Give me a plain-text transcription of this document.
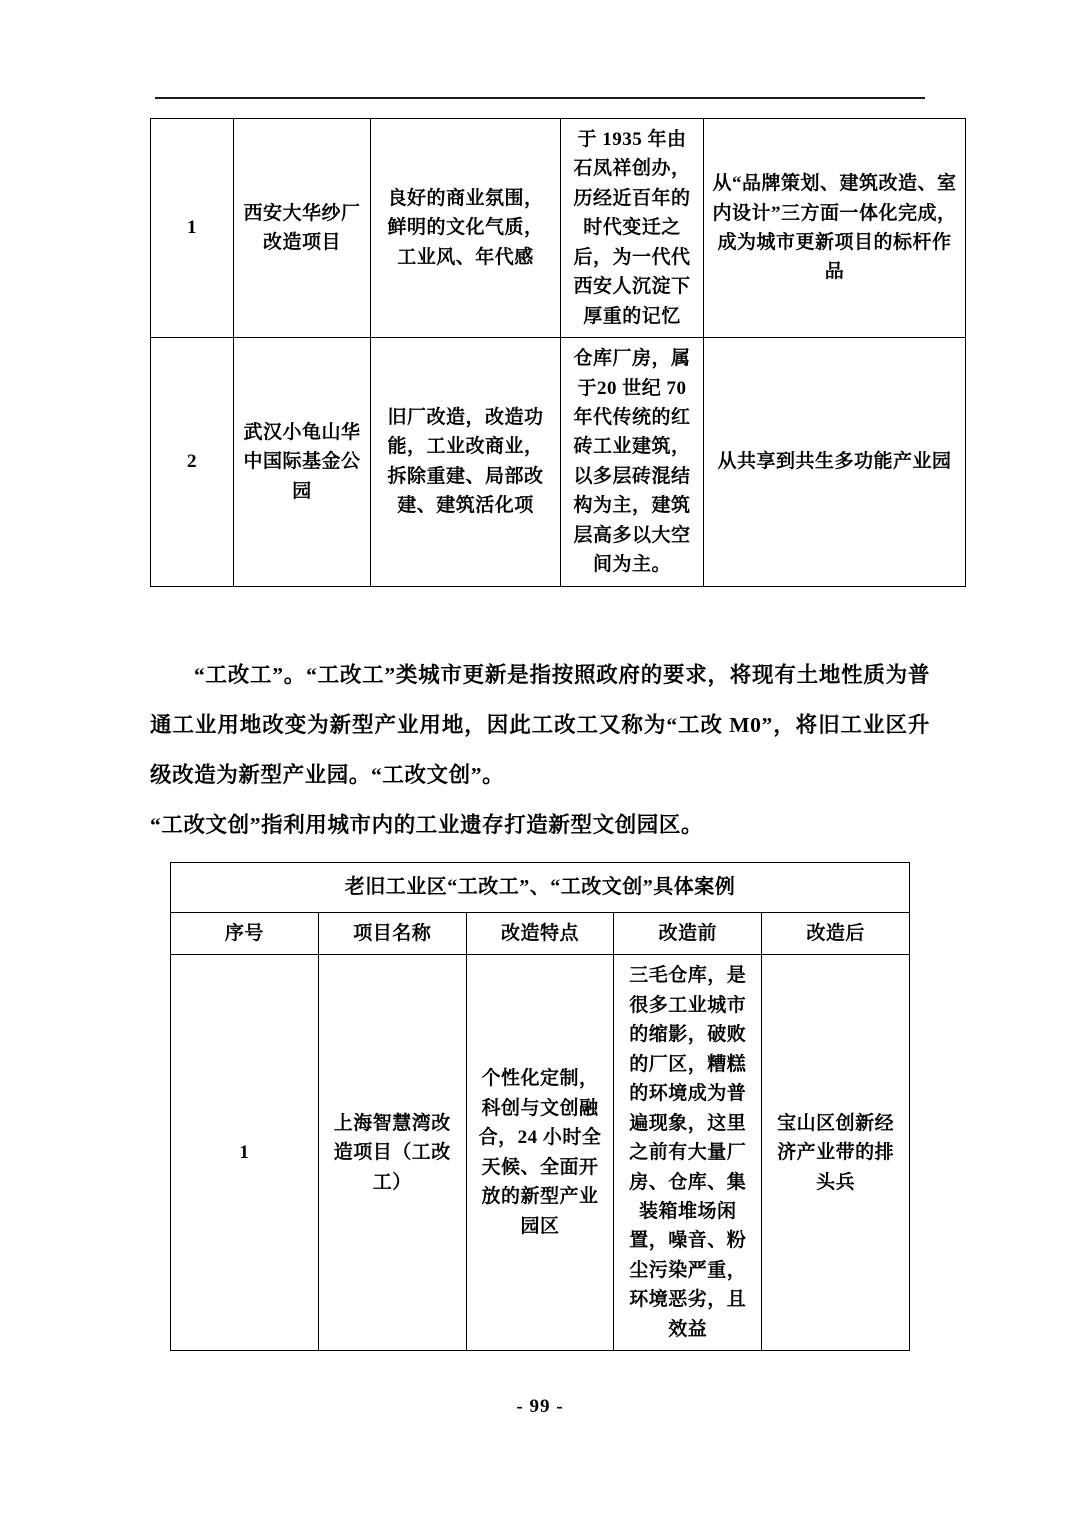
1	西安大华纱厂改造项目	良好的商业氛围，鲜明的文化气质，工业风、年代感	于 1935 年由石凤祥创办，历经近百年的时代变迁之后，为一代代西安人沉淀下厚重的记忆	从“品牌策划、建筑改造、室内设计”三方面一体化完成，成为城市更新项目的标杆作品
2	武汉小龟山华中国际基金公园	旧厂改造，改造功能，工业改商业，拆除重建、局部改建、建筑活化项	仓库厂房，属于20 世纪 70 年代传统的红砖工业建筑，以多层砖混结构为主，建筑层高多以大空间为主。	从共享到共生多功能产业园

“工改工”。“工改工”类城市更新是指按照政府的要求，将现有土地性质为普通工业用地改变为新型产业用地，因此工改工又称为“工改 M0”，将旧工业区升级改造为新型产业园。“工改文创”。

“工改文创”指利用城市内的工业遗存打造新型文创园区。

老旧工业区“工改工”、“工改文创”具体案例				
序号	项目名称	改造特点	改造前	改造后
1	上海智慧湾改造项目（工改工）	个性化定制，科创与文创融合，24 小时全天候、全面开放的新型产业园区	三毛仓库，是很多工业城市的缩影，破败的厂区，糟糕的环境成为普遍现象，这里之前有大量厂房、仓库、集装箱堆场闲置，噪音、粉尘污染严重，环境恶劣，且效益	宝山区创新经济产业带的排头兵
- 99 -
